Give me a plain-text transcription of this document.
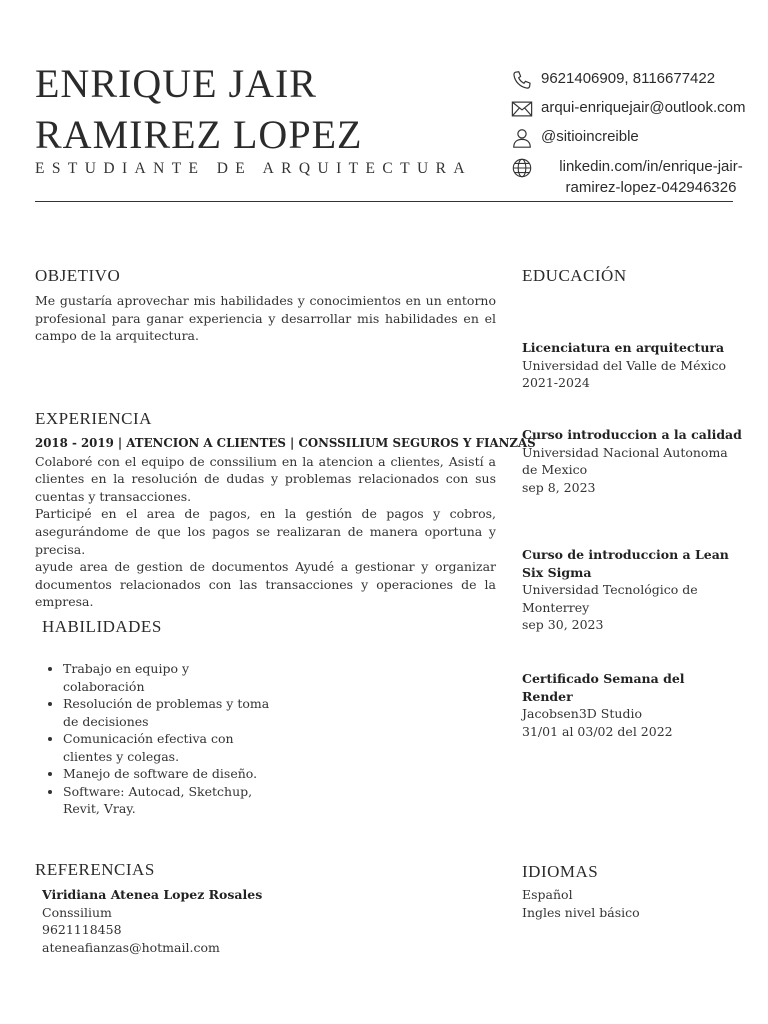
ENRIQUE JAIR
RAMIREZ LOPEZ
ESTUDIANTE DE ARQUITECTURA
9621406909, 8116677422
arqui-enriquejair@outlook.com
@sitioincreible
linkedin.com/in/enrique-jair-
ramirez-lopez-042946326
OBJETIVO
Me gustaría aprovechar mis habilidades y conocimientos en un entorno profesional para ganar experiencia y desarrollar mis habilidades en el campo de la arquitectura.
EXPERIENCIA
2018 - 2019 | ATENCION A CLIENTES | CONSSILIUM SEGUROS Y FIANZAS
Colaboré con el equipo de conssilium en la atencion a clientes, Asistí a clientes en la resolución de dudas y problemas relacionados con sus cuentas y transacciones.
Participé en el area de pagos, en la gestión de pagos y cobros, asegurándome de que los pagos se realizaran de manera oportuna y precisa.
ayude area de gestion de documentos Ayudé a gestionar y organizar documentos relacionados con las transacciones y operaciones de la empresa.
HABILIDADES
• Trabajo en equipo y colaboración
• Resolución de problemas y toma de decisiones
• Comunicación efectiva con clientes y colegas.
• Manejo de software de diseño.
• Software: Autocad, Sketchup, Revit, Vray.
REFERENCIAS
Viridiana Atenea Lopez Rosales
Conssilium
9621118458
ateneafianzas@hotmail.com
EDUCACIÓN
Licenciatura en arquitectura
Universidad del Valle de México
2021-2024
Curso introduccion a la calidad
Universidad Nacional Autonoma de Mexico
sep 8, 2023
Curso de introduccion a Lean Six Sigma
Universidad Tecnológico de Monterrey
sep 30, 2023
Certificado Semana del Render
Jacobsen3D Studio
31/01 al 03/02 del 2022
IDIOMAS
Español
Ingles nivel básico
